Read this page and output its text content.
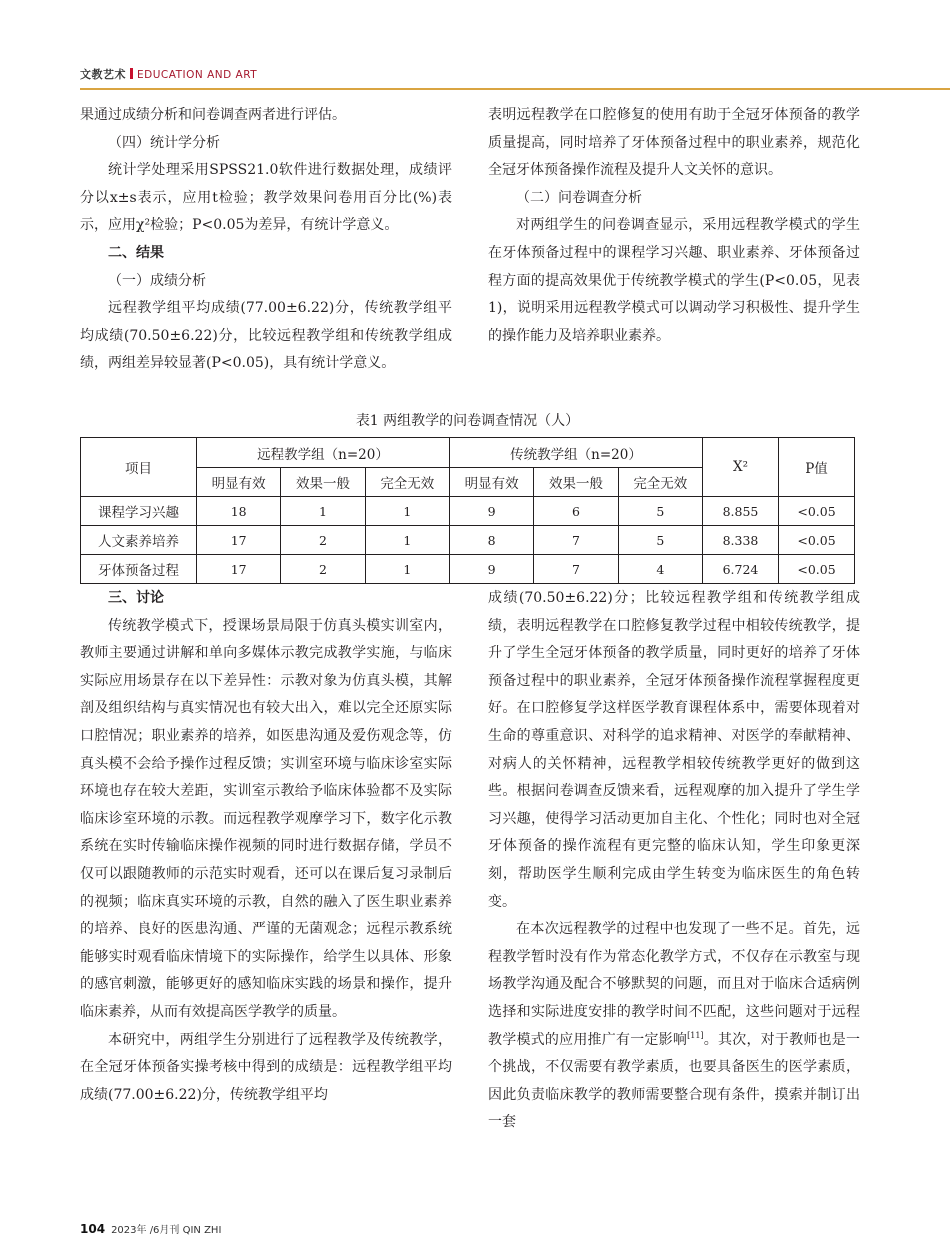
文教艺术 EDUCATION AND ART

果通过成绩分析和问卷调查两者进行评估。

（四）统计学分析

统计学处理采用SPSS21.0软件进行数据处理，成绩评分以x±s表示，应用t检验；教学效果问卷用百分比(%)表示，应用χ²检验；P<0.05为差异，有统计学意义。

二、结果

（一）成绩分析

远程教学组平均成绩(77.00±6.22)分，传统教学组平均成绩(70.50±6.22)分，比较远程教学组和传统教学组成绩，两组差异较显著(P<0.05)，具有统计学意义。

表明远程教学在口腔修复的使用有助于全冠牙体预备的教学质量提高，同时培养了牙体预备过程中的职业素养，规范化全冠牙体预备操作流程及提升人文关怀的意识。

（二）问卷调查分析

对两组学生的问卷调查显示，采用远程教学模式的学生在牙体预备过程中的课程学习兴趣、职业素养、牙体预备过程方面的提高效果优于传统教学模式的学生(P<0.05，见表1)，说明采用远程教学模式可以调动学习积极性、提升学生的操作能力及培养职业素养。

表1 两组教学的问卷调查情况（人）
项目	远程教学组（n=20）			传统教学组（n=20）			X²	P值
	明显有效	效果一般	完全无效	明显有效	效果一般	完全无效		
课程学习兴趣	18	1	1	9	6	5	8.855	<0.05
人文素养培养	17	2	1	8	7	5	8.338	<0.05
牙体预备过程	17	2	1	9	7	4	6.724	<0.05

三、讨论

传统教学模式下，授课场景局限于仿真头模实训室内，教师主要通过讲解和单向多媒体示教完成教学实施，与临床实际应用场景存在以下差异性：示教对象为仿真头模，其解剖及组织结构与真实情况也有较大出入，难以完全还原实际口腔情况；职业素养的培养，如医患沟通及爱伤观念等，仿真头模不会给予操作过程反馈；实训室环境与临床诊室实际环境也存在较大差距，实训室示教给予临床体验都不及实际临床诊室环境的示教。而远程教学观摩学习下，数字化示教系统在实时传输临床操作视频的同时进行数据存储，学员不仅可以跟随教师的示范实时观看，还可以在课后复习录制后的视频；临床真实环境的示教，自然的融入了医生职业素养的培养、良好的医患沟通、严谨的无菌观念；远程示教系统能够实时观看临床情境下的实际操作，给学生以具体、形象的感官刺激，能够更好的感知临床实践的场景和操作，提升临床素养，从而有效提高医学教学的质量。

本研究中，两组学生分别进行了远程教学及传统教学，在全冠牙体预备实操考核中得到的成绩是：远程教学组平均成绩(77.00±6.22)分，传统教学组平均

成绩(70.50±6.22)分；比较远程教学组和传统教学组成绩，表明远程教学在口腔修复教学过程中相较传统教学，提升了学生全冠牙体预备的教学质量，同时更好的培养了牙体预备过程中的职业素养，全冠牙体预备操作流程掌握程度更好。在口腔修复学这样医学教育课程体系中，需要体现着对生命的尊重意识、对科学的追求精神、对医学的奉献精神、对病人的关怀精神，远程教学相较传统教学更好的做到这些。根据问卷调查反馈来看，远程观摩的加入提升了学生学习兴趣，使得学习活动更加自主化、个性化；同时也对全冠牙体预备的操作流程有更完整的临床认知，学生印象更深刻，帮助医学生顺利完成由学生转变为临床医生的角色转变。

在本次远程教学的过程中也发现了一些不足。首先，远程教学暂时没有作为常态化教学方式，不仅存在示教室与现场教学沟通及配合不够默契的问题，而且对于临床合适病例选择和实际进度安排的教学时间不匹配，这些问题对于远程教学模式的应用推广有一定影响[11]。其次，对于教师也是一个挑战，不仅需要有教学素质，也要具备医生的医学素质，因此负责临床教学的教师需要整合现有条件，摸索并制订出一套

104 2023年 /6月刊 QIN ZHI
